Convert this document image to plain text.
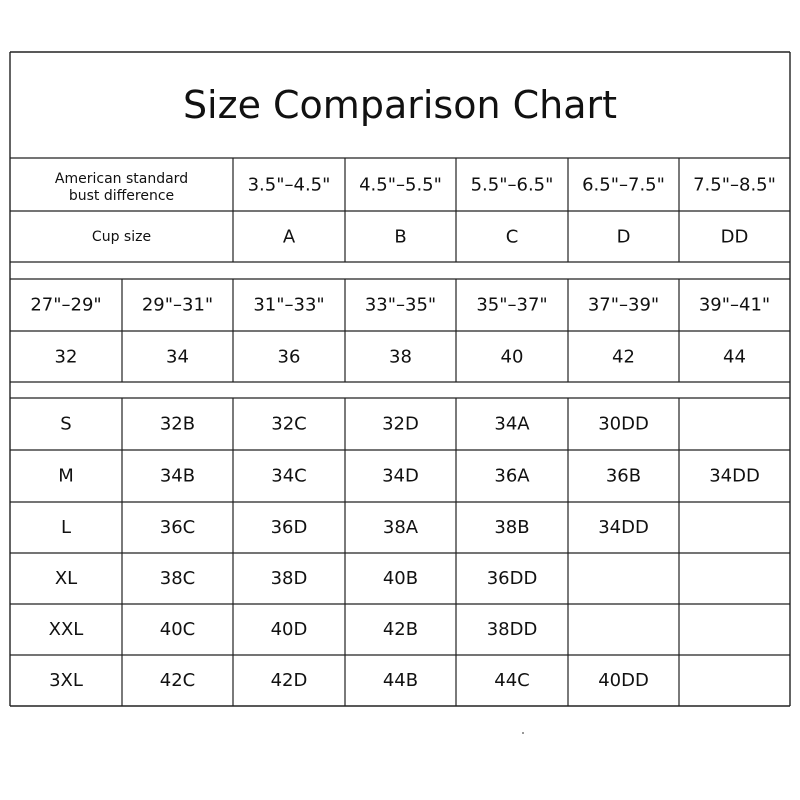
Size Comparison Chart
American standard
bust difference
3.5"–4.5" 4.5"–5.5" 5.5"–6.5" 6.5"–7.5" 7.5"–8.5"
Cup size	A	B	C	D	DD
27"–29" 29"–31" 31"–33" 33"–35" 35"–37" 37"–39" 39"–41"
32	34	36	38	40	42	44
S	32B	32C	32D	34A	30DD
M	34B	34C	34D	36A	36B	34DD
L	36C	36D	38A	38B	34DD
XL	38C	38D	40B	36DD
XXL	40C	40D	42B	38DD
3XL	42C	42D	44B	44C	40DD
